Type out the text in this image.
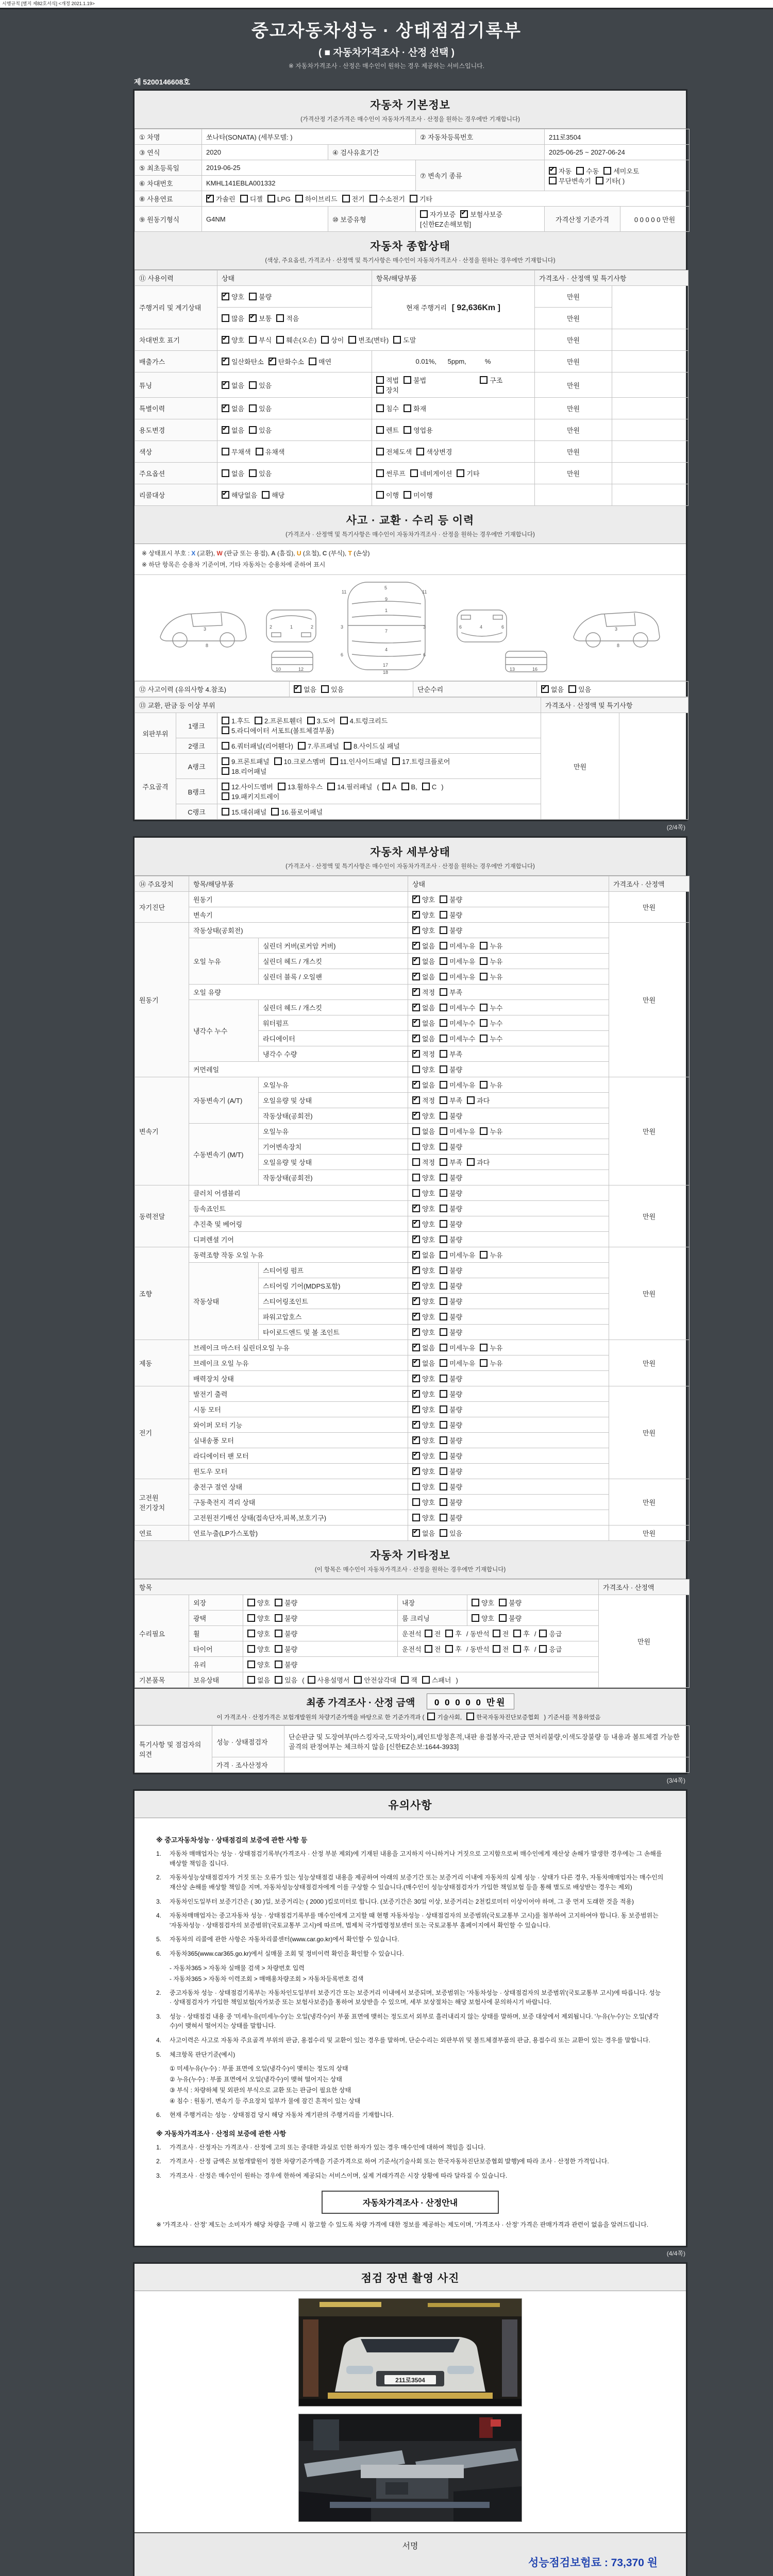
시행규칙 [별지 제82호서식] <개정 2021.1.19>
중고자동차성능 · 상태점검기록부
( ■ 자동차가격조사 · 산정 선택 )
※ 자동차가격조사 · 산정은 매수인이 원하는 경우 제공하는 서비스입니다.
제 5200146608호
자동차 기본정보
(가격산정 기준가격은 매수인이 자동차가격조사 · 산정을 원하는 경우에만 기재합니다)
① 차명	쏘나타(SONATA) (세부모델: )		② 자동차등록번호	211로3504	
③ 연식	2020	④ 검사유효기간		2025-06-25 ~ 2027-06-24	
⑤ 최초등록일	2019-06-25		⑦ 변속기 종류	✔자동 수동 세미오토
무단변속기 기타( )
⑥ 차대번호	KMHL141EBLA001332				
⑧ 사용연료	✔가솔린 디젤 LPG 하이브리드 전기 수소전기 기타
⑨ 원동기형식	G4NM	⑩ 보증유형	자가보증 ✔ 보험사보증[신한EZ손해보험]	가격산정 기준가격	0 0 0 0 0 만원
자동차 종합상태
(색상, 주요옵션, 가격조사 · 산정액 및 특기사항은 매수인이 자동차가격조사 · 산정을 원하는 경우에만 기재합니다)
⑪ 사용이력	상태	항목/해당부품	가격조사 · 산정액 및 특기사항	
주행거리 및 계기상태	✔양호 불량	현재 주행거리 [ 92,636Km ]	만원	
	많음 ✔ 보통 적음		만원	
차대번호 표기	✔양호 부식 훼손(오손) 상이 변조(변타) 도말		만원	
배출가스	✔일산화탄소 ✔ 탄화수소 매연	0.01%,      5ppm,          %	만원	
튜닝	✔없음 있음	적법 불법 구조장치	만원	
특별이력	✔없음 있음	침수 화재	만원	
용도변경	✔없음 있음	렌트 영업용	만원	
색상	무채색 유채색	전체도색 색상변경	만원	
주요옵션	없음 있음	썬루프 네비게이션 기타	만원	
리콜대상	✔해당없음 해당	이행 미이행		
사고 · 교환 · 수리 등 이력
(가격조사 · 산정액 및 특기사항은 매수인이 자동차가격조사 · 산정을 원하는 경우에만 기재합니다)
※ 상태표시 부호 : X (교환), W (판금 또는 용접), A (흠집), U (요철), C (부식), T (손상)
※ 하단 항목은 승용차 기준이며, 기타 자동차는 승용차에 준하여 표시
3
8
1
2	2
5
11	11
9
1
7
4
17
3	3
6	6
18
4
6	6	3
8
10	12	13	16
⑫ 사고이력 (유의사항 4.참조)	✔없음 있음	단순수리	✔없음 있음
⑬ 교환, 판금 등 이상 부위			가격조사 · 산정액 및 특기사항	
외판부위	1랭크	1.후드 2.프론트휀더 3.도어 4.트렁크리드
5.라디에이터 서포트(볼트체결부품)	만원	
	2랭크	6.쿼터패널(리어휀다) 7.루프패널 8.사이드실 패널		
주요골격	A랭크	9.프론트패널 10.크로스멤버 11.인사이드패널 17.트렁크플로어
18.리어패널		
	B랭크	12.사이드멤버 13.휠하우스 14.필러패널 ( A B, C )
19.패키지트레이		
	C랭크	15.대쉬패널 16.플로어패널		
(2/4쪽)
자동차 세부상태
(가격조사 · 산정액 및 특기사항은 매수인이 자동차가격조사 · 산정을 원하는 경우에만 기재합니다)
⑭ 주요장치	항목/해당부품		상태	가격조사 · 산정액
자기진단	원동기	✔양호 불량	만원
	변속기	✔양호 불량
원동기	작동상태(공회전)	✔양호 불량	만원
	오일 누유	실린더 커버(로커암 커버)	✔없음 미세누유 누유
		실린더 헤드 / 개스킷	✔없음 미세누유 누유
		실린더 블록 / 오일팬	✔없음 미세누유 누유
	오일 유량	✔적정 부족
	냉각수 누수	실린더 헤드 / 개스킷	✔없음 미세누수 누수
		워터펌프	✔없음 미세누수 누수
		라디에이터	✔없음 미세누수 누수
		냉각수 수량	✔적정 부족
	커먼레일		양호 불량	
변속기	자동변속기 (A/T)	오일누유	✔없음 미세누유 누유	만원
		오일유량 및 상태	✔적정 부족 과다
		작동상태(공회전)	✔양호 불량
	수동변속기 (M/T)	오일누유	없음 미세누유 누유	
		기어변속장치	양호 불량	
		오일유량 및 상태	적정 부족 과다	
		작동상태(공회전)	양호 불량	
동력전달	클러치 어셈블리		양호 불량	만원
	등속죠인트	✔양호 불량
	추진축 및 베어링	✔양호 불량
	디퍼렌셜 기어	✔양호 불량
조향	동력조향 작동 오일 누유	✔없음 미세누유 누유	만원
	작동상태	스티어링 펌프	✔양호 불량
		스티어링 기어(MDPS포함)	✔양호 불량
		스티어링조인트	✔양호 불량
		파워고압호스	✔양호 불량
		타이로드엔드 및 볼 조인트	✔양호 불량
제동	브레이크 마스터 실린더오일 누유	✔없음 미세누유 누유	만원
	브레이크 오일 누유	✔없음 미세누유 누유
	배력장치 상태	✔양호 불량
전기	발전기 출력	✔양호 불량	만원
	시동 모터	✔양호 불량
	와이퍼 모터 기능	✔양호 불량
	실내송풍 모터	✔양호 불량
	라디에이터 팬 모터	✔양호 불량
	윈도우 모터	✔양호 불량
고전원 전기장치	충전구 절연 상태		양호 불량	만원
	구동축전지 격리 상태		양호 불량	
	고전원전기배선 상태(접속단자,피복,보호기구)		양호 불량	
연료	연료누출(LP가스포함)	✔없음 있음	만원
자동차 기타정보
(이 항목은 매수인이 자동차가격조사 · 산정을 원하는 경우에만 기재합니다)
항목					가격조사 · 산정액
수리필요	외장	양호 불량	내장	양호 불량	만원
	광택	양호 불량	룸 크리닝	양호 불량	
	휠	양호 불량	운전석 전 후 / 동반석 전 후 / 응급		
	타이어	양호 불량	운전석 전 후 / 동반석 전 후 / 응급		
	유리	양호 불량			
기본품목	보유상태	없음 있음 ( 사용설명서 안전삼각대 잭 스패너 )			
최종 가격조사 · 산정 금액 0 0 0 0 0 만원
이 가격조사 · 산정가격은 보험개발원의 차량기준가액을 바탕으로 한 기준가격과 ( 기술사회, 한국자동차진단보증협회 ) 기준서를 적용하였음
특기사항 및 점검자의 의견	성능 · 상태점검자	단순판금 및 도장여부(마스킹자국,도막차이),페인트방청흔적,내판 용접봉자국,판금 면처리불량,이색도장불량 등 내용과 볼트체결 가능한 골격의 판정여부는 체크하지 않음 [신한EZ손보:1644-3933]
	가격 · 조사산정자	
(3/4쪽)
유의사항
※ 중고자동차성능 · 상태점검의 보증에 관한 사항 등
1.	자동차 매매업자는 성능 · 상태점검기록부(가격조사 · 산정 부분 제외)에 기재된 내용을 고지하지 아니하거나 거짓으로 고지함으로써 매수인에게 재산상 손해가 발생한 경우에는 그 손해를 배상할 책임을 집니다.
2.	자동차성능상태점검자가 거짓 또는 오류가 있는 성능상태점검 내용을 제공하여 아래의 보증기간 또는 보증거리 이내에 자동차의 실제 성능 · 상태가 다른 경우, 자동차매매업자는 매수인의 재산상 손해를 배상할 책임을 지며, 자동차성능상태점검자에게 이를 구상할 수 있습니다.(매수인이 성능상태점검자가 가입한 책임보험 등을 통해 별도로 배상받는 경우는 제외)
3.	자동차인도일부터 보증기간은 ( 30 )일, 보증거리는 ( 2000 )킬로미터로 합니다. (보증기간은 30일 이상, 보증거리는 2천킬로미터 이상이어야 하며, 그 중 먼저 도래한 것을 적용)
4.	자동차매매업자는 중고자동차 성능 · 상태점검기록부를 매수인에게 고지할 때 현행 자동차성능 · 상태점검자의 보증범위(국토교통부 고시)를 첨부하여 고지하여야 합니다. 동 보증범위는 '자동차성능 · 상태점검자의 보증범위'(국토교통부 고시)에 따르며, 법제처 국가법령정보센터 또는 국토교통부 홈페이지에서 확인할 수 있습니다.
5.	자동차의 리콜에 관한 사항은 자동차리콜센터(www.car.go.kr)에서 확인할 수 있습니다.
6.	자동차365(www.car365.go.kr)에서 실매물 조회 및 정비이력 확인을 확인할 수 있습니다.
- 자동차365 > 자동차 실매물 검색 > 차량번호 입력
- 자동차365 > 자동차 이력조회 > 매매용차량조회 > 자동차등록번호 검색
2.	중고자동차 성능 · 상태점검기록부는 자동차인도일부터 보증기간 또는 보증거리 이내에서 보증되며, 보증범위는 '자동차성능 · 상태점검자의 보증범위'(국토교통부 고시)에 따릅니다. 성능 · 상태점검자가 가입한 책임보험(자가보증 또는 보험사보증)을 통하여 보상받을 수 있으며, 세부 보상절차는 해당 보험사에 문의하시기 바랍니다.
3.	성능 · 상태점검 내용 중 '미세누유(미세누수)'는 오일(냉각수)이 부품 표면에 맺히는 정도로서 외부로 흘러내리지 않는 상태를 말하며, 보증 대상에서 제외됩니다. '누유(누수)'는 오일(냉각수)이 맺혀서 떨어지는 상태를 말합니다.
4.	사고이력은 사고로 자동차 주요골격 부위의 판금, 용접수리 및 교환이 있는 경우를 말하며, 단순수리는 외판부위 및 볼트체결부품의 판금, 용접수리 또는 교환이 있는 경우를 말합니다.
5.	체크항목 판단기준(예시)
① 미세누유(누수) : 부품 표면에 오일(냉각수)이 맺히는 정도의 상태
② 누유(누수) : 부품 표면에서 오일(냉각수)이 맺혀 떨어지는 상태
③ 부식 : 차량하체 및 외판의 부식으로 교환 또는 판금이 필요한 상태
④ 침수 : 원동기, 변속기 등 주요장치 일부가 물에 잠긴 흔적이 있는 상태
6.	현재 주행거리는 성능 · 상태점검 당시 해당 자동차 계기판의 주행거리를 기재합니다.
※ 자동차가격조사 · 산정의 보증에 관한 사항
1.	가격조사 · 산정자는 가격조사 · 산정에 고의 또는 중대한 과실로 인한 하자가 있는 경우 매수인에 대하여 책임을 집니다.
2.	가격조사 · 산정 금액은 보험개발원이 정한 차량기준가액을 기준가격으로 하여 기준서(기술사회 또는 한국자동차진단보증협회 발행)에 따라 조사 · 산정한 가격입니다.
3.	가격조사 · 산정은 매수인이 원하는 경우에 한하여 제공되는 서비스이며, 실제 거래가격은 시장 상황에 따라 달라질 수 있습니다.
자동차가격조사 · 산정안내
※ '가격조사 · 산정' 제도는 소비자가 해당 차량을 구매 시 참고할 수 있도록 차량 가격에 대한 정보를 제공하는 제도이며, '가격조사 · 산정' 가격은 판매가격과 관련이 없음을 알려드립니다.
(4/4쪽)
점검 장면 촬영 사진
211로3504
서명
성능점검보험료 : 73,370 원
